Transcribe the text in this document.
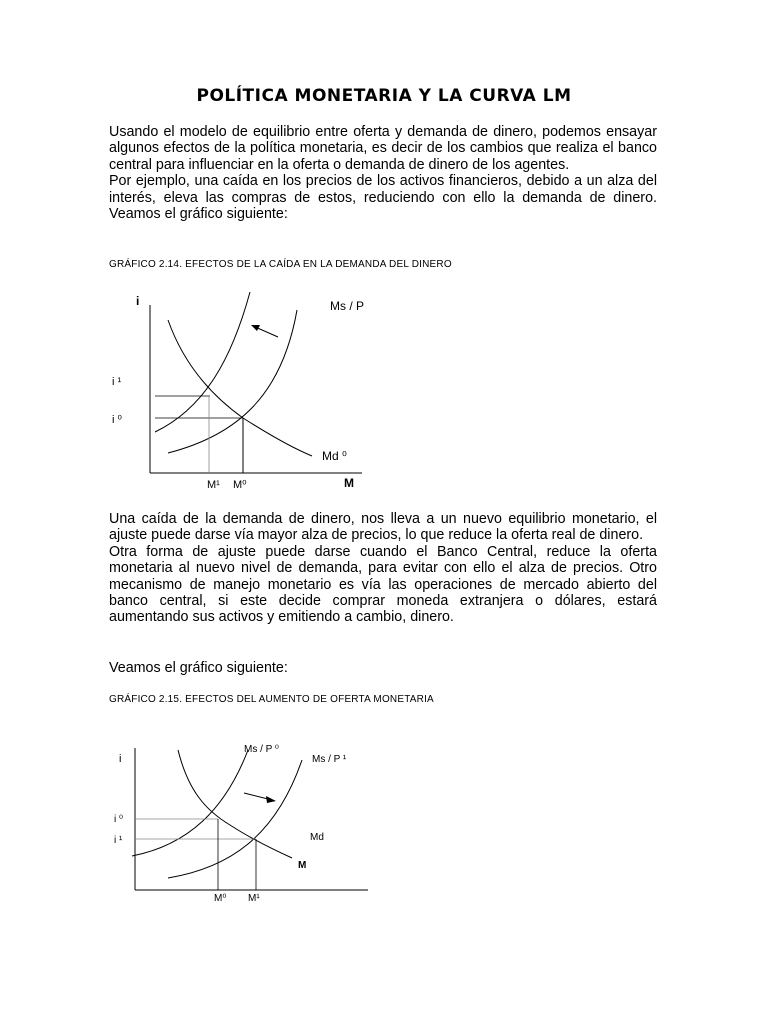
POLÍTICA MONETARIA Y LA CURVA LM

Usando el modelo de equilibrio entre oferta y demanda de dinero, podemos ensayar algunos efectos de la política monetaria, es decir de los cambios que realiza el banco central para influenciar en la oferta o demanda de dinero de los agentes.

Por ejemplo, una caída en los precios de los activos financieros, debido a un alza del interés, eleva las compras de estos, reduciendo con ello la demanda de dinero. Veamos el gráfico siguiente:

GRÁFICO 2.14. EFECTOS DE LA CAÍDA EN LA DEMANDA DEL DINERO
i
M
Ms / P
Md ⁰
i ¹
i ⁰
M¹ M⁰

Una caída de la demanda de dinero, nos lleva a un nuevo equilibrio monetario, el ajuste puede darse vía mayor alza de precios, lo que reduce la oferta real de dinero.

Otra forma de ajuste puede darse cuando el Banco Central, reduce la oferta monetaria al nuevo nivel de demanda, para evitar con ello el alza de precios. Otro mecanismo de manejo monetario es vía las operaciones de mercado abierto del banco central, si este decide comprar moneda extranjera o dólares, estará aumentando sus activos y emitiendo a cambio, dinero.

Veamos el gráfico siguiente:
GRÁFICO 2.15. EFECTOS DEL AUMENTO DE OFERTA MONETARIA
i
M
Ms / P ⁰
Ms / P ¹
Md
i ⁰
i ¹
M⁰ M¹
